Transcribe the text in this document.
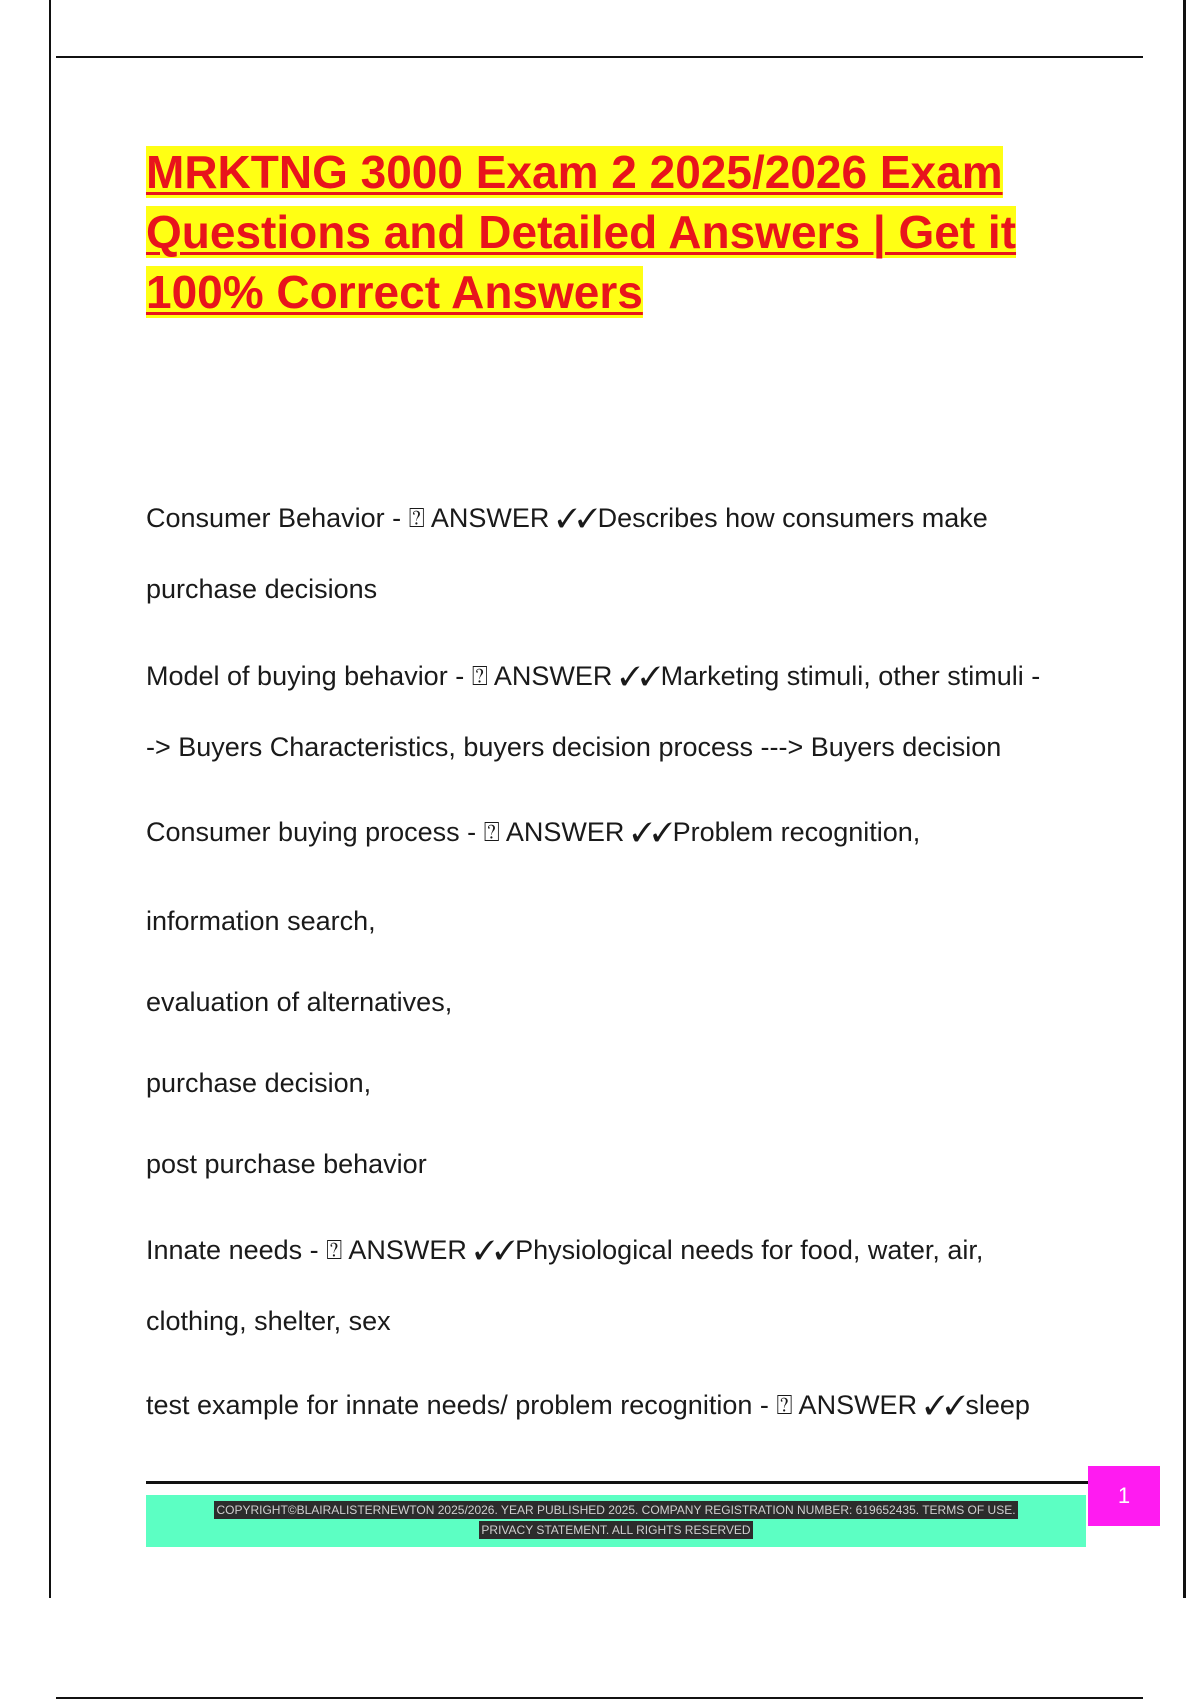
MRKTNG 3000 Exam 2 2025/2026 Exam
Questions and Detailed Answers | Get it
100% Correct Answers
Consumer Behavior - ⍰ ANSWER ✓✓Describes how consumers make
purchase decisions
Model of buying behavior - ⍰ ANSWER ✓✓Marketing stimuli, other stimuli -
-> Buyers Characteristics, buyers decision process ---> Buyers decision
Consumer buying process - ⍰ ANSWER ✓✓Problem recognition,
information search,
evaluation of alternatives,
purchase decision,
post purchase behavior
Innate needs - ⍰ ANSWER ✓✓Physiological needs for food, water, air,
clothing, shelter, sex
test example for innate needs/ problem recognition - ⍰ ANSWER ✓✓sleep
1
COPYRIGHT©BLAIRALISTERNEWTON 2025/2026. YEAR PUBLISHED 2025. COMPANY REGISTRATION NUMBER: 619652435. TERMS OF USE.
PRIVACY STATEMENT. ALL RIGHTS RESERVED
